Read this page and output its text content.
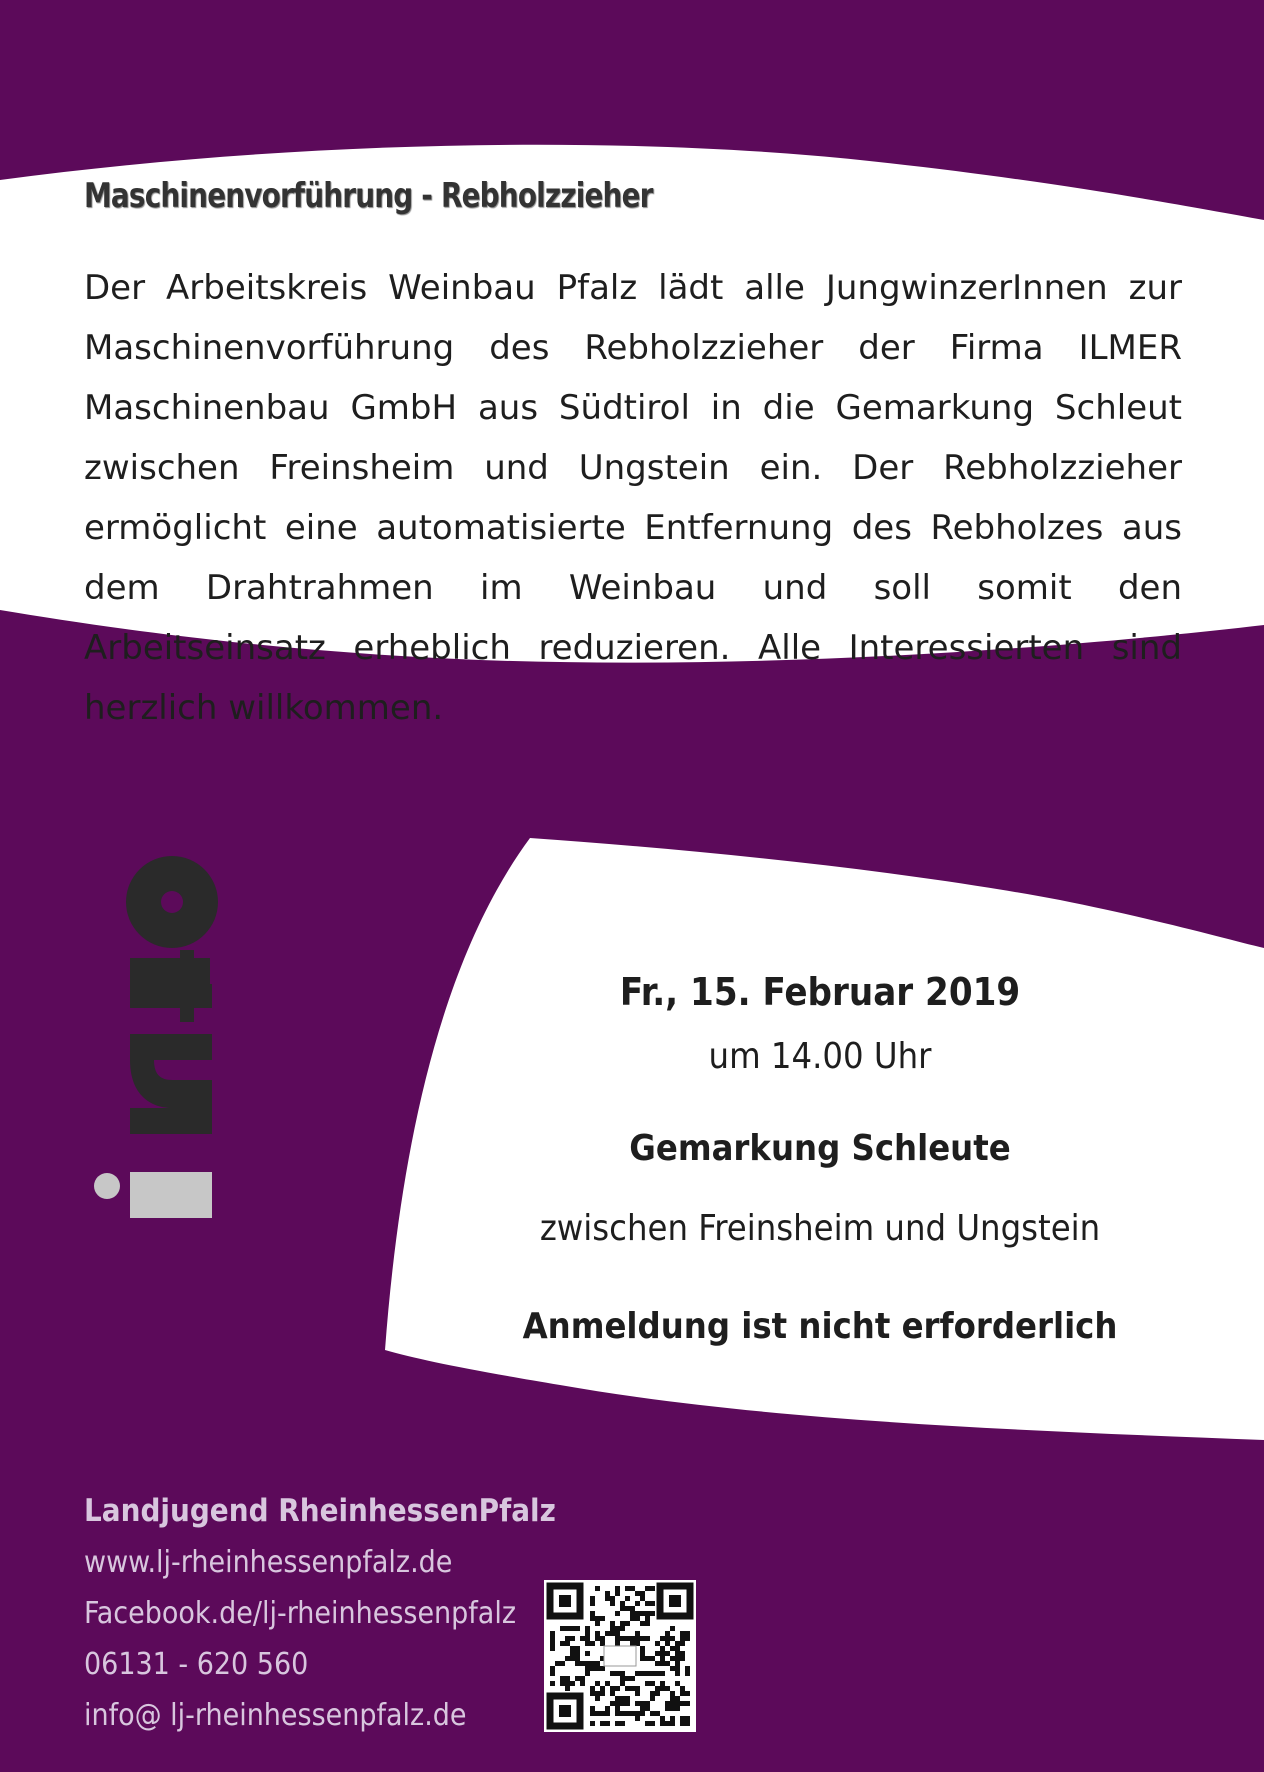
Maschinenvorführung - Rebholzzieher

Der Arbeitskreis Weinbau Pfalz lädt alle JungwinzerInnen zur Maschinenvorführung des Rebholzzieher der Firma ILMER Maschinenbau GmbH aus Südtirol in die Gemarkung Schleut zwischen Freinsheim und Ungstein ein. Der Rebholzzieher ermöglicht eine automatisierte Entfernung des Rebholzes aus dem Drahtrahmen im Weinbau und soll somit den Arbeitseinsatz erheblich reduzieren. Alle Interessierten sind herzlich willkommen.

Fr., 15. Februar 2019

um 14.00 Uhr

Gemarkung Schleute

zwischen Freinsheim und Ungstein

Anmeldung ist nicht erforderlich

Landjugend RheinhessenPfalz
www.lj-rheinhessenpfalz.de
Facebook.de/lj-rheinhessenpfalz
06131 - 620 560
info@ lj-rheinhessenpfalz.de
